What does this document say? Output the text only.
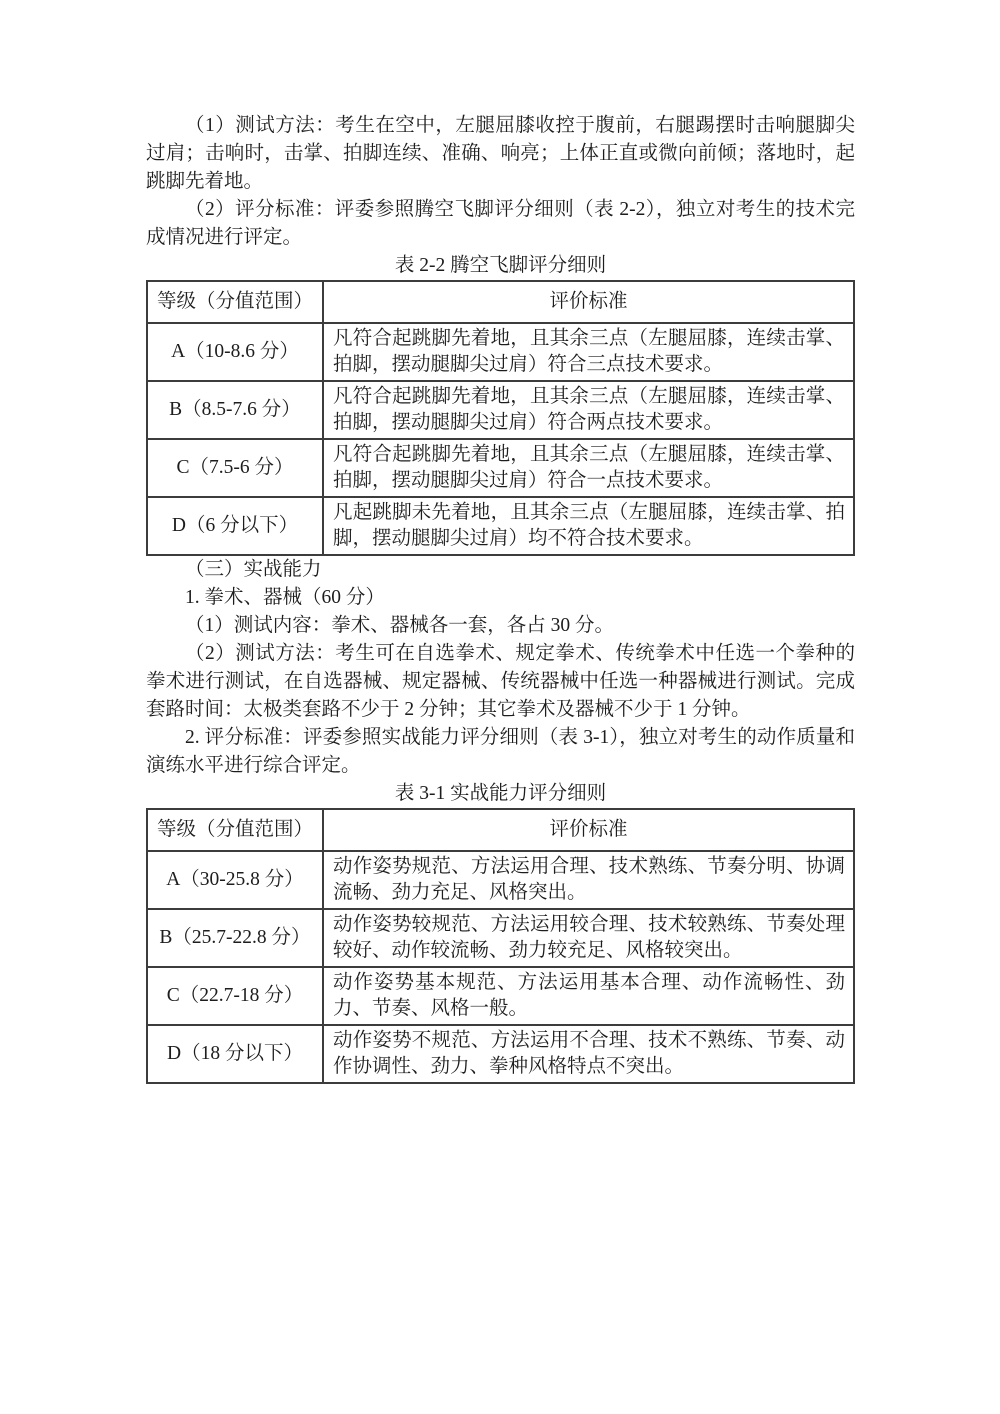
（1）测试方法：考生在空中，左腿屈膝收控于腹前，右腿踢摆时击响腿脚尖过肩；击响时，击掌、拍脚连续、准确、响亮；上体正直或微向前倾；落地时，起跳脚先着地。

（2）评分标准：评委参照腾空飞脚评分细则（表 2-2），独立对考生的技术完成情况进行评定。

表 2-2 腾空飞脚评分细则
等级（分值范围）	评价标准
A（10-8.6 分）	凡符合起跳脚先着地，且其余三点（左腿屈膝，连续击掌、拍脚，摆动腿脚尖过肩）符合三点技术要求。
B（8.5-7.6 分）	凡符合起跳脚先着地，且其余三点（左腿屈膝，连续击掌、拍脚，摆动腿脚尖过肩）符合两点技术要求。
C（7.5-6 分）	凡符合起跳脚先着地，且其余三点（左腿屈膝，连续击掌、拍脚，摆动腿脚尖过肩）符合一点技术要求。
D（6 分以下）	凡起跳脚未先着地，且其余三点（左腿屈膝，连续击掌、拍脚，摆动腿脚尖过肩）均不符合技术要求。

（三）实战能力

1. 拳术、器械（60 分）

（1）测试内容：拳术、器械各一套，各占 30 分。

（2）测试方法：考生可在自选拳术、规定拳术、传统拳术中任选一个拳种的拳术进行测试，在自选器械、规定器械、传统器械中任选一种器械进行测试。完成套路时间：太极类套路不少于 2 分钟；其它拳术及器械不少于 1 分钟。

2. 评分标准：评委参照实战能力评分细则（表 3-1），独立对考生的动作质量和演练水平进行综合评定。

表 3-1 实战能力评分细则
等级（分值范围）	评价标准
A（30-25.8 分）	动作姿势规范、方法运用合理、技术熟练、节奏分明、协调流畅、劲力充足、风格突出。
B（25.7-22.8 分）	动作姿势较规范、方法运用较合理、技术较熟练、节奏处理较好、动作较流畅、劲力较充足、风格较突出。
C（22.7-18 分）	动作姿势基本规范、方法运用基本合理、动作流畅性、劲力、节奏、风格一般。
D（18 分以下）	动作姿势不规范、方法运用不合理、技术不熟练、节奏、动作协调性、劲力、拳种风格特点不突出。
